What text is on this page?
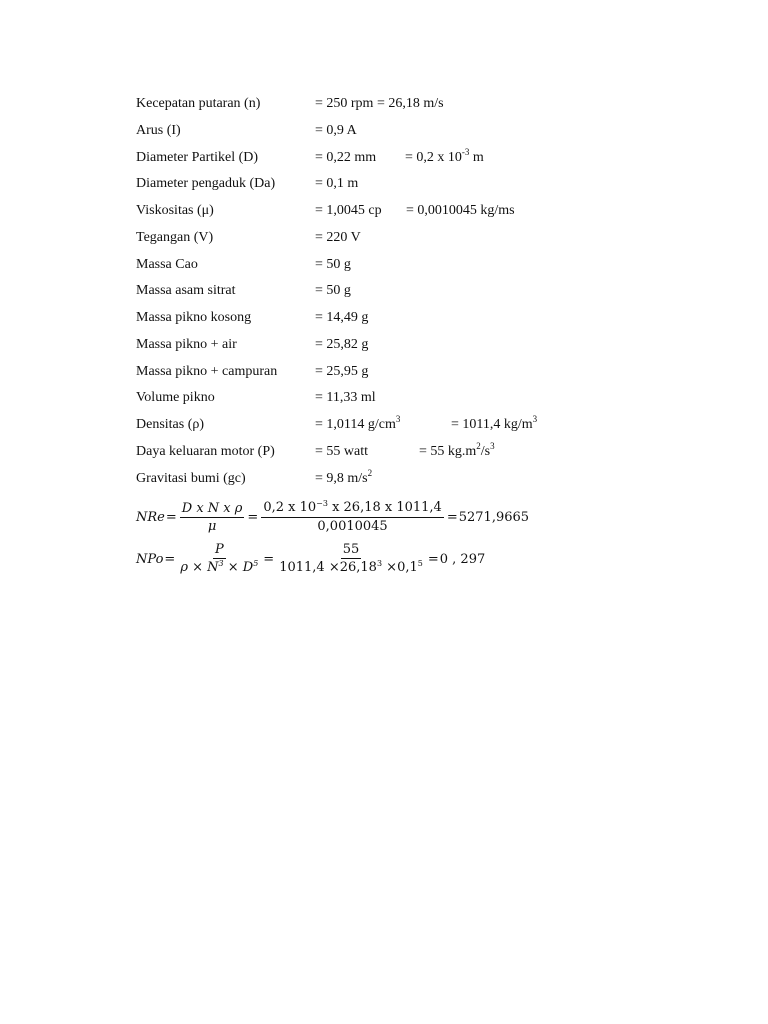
Kecepatan putaran (n)	= 250 rpm = 26,18 m/s
Arus (I)	= 0,9 A
Diameter Partikel (D)	= 0,22 mm = 0,2 x $10^{-3}$ m
Diameter pengaduk (Da)	= 0,1 m
Viskositas (μ)	= 1,0045 cp = 0,0010045 kg/ms
Tegangan (V)	= 220 V
Massa Cao	= 50 g
Massa asam sitrat	= 50 g
Massa pikno kosong	= 14,49 g
Massa pikno + air	= 25,82 g
Massa pikno + campuran	= 25,95 g
Volume pikno	= 11,33 ml
Densitas (ρ)	= 1,0114 $g/cm^3$	= 1011,4 $kg/m^3$
Daya keluaran motor (P)	= 55 watt	= 55 $kg.m^2/s^3$
Gravitasi bumi (gc)	= 9,8 $m/s^2$
NRe = $\frac{\text{D x N x ρ}}{\mu} = \frac{0,2 x 10^{-3} x 26,18 x 1011,4}{0,0010045} = 5271,9665$
NPo = $\frac{P}{\rho \times N^3 \times D^5} = \frac{55}{1011,4 \times 26,18^3 \times 0,1^5} = 0$ , 297
